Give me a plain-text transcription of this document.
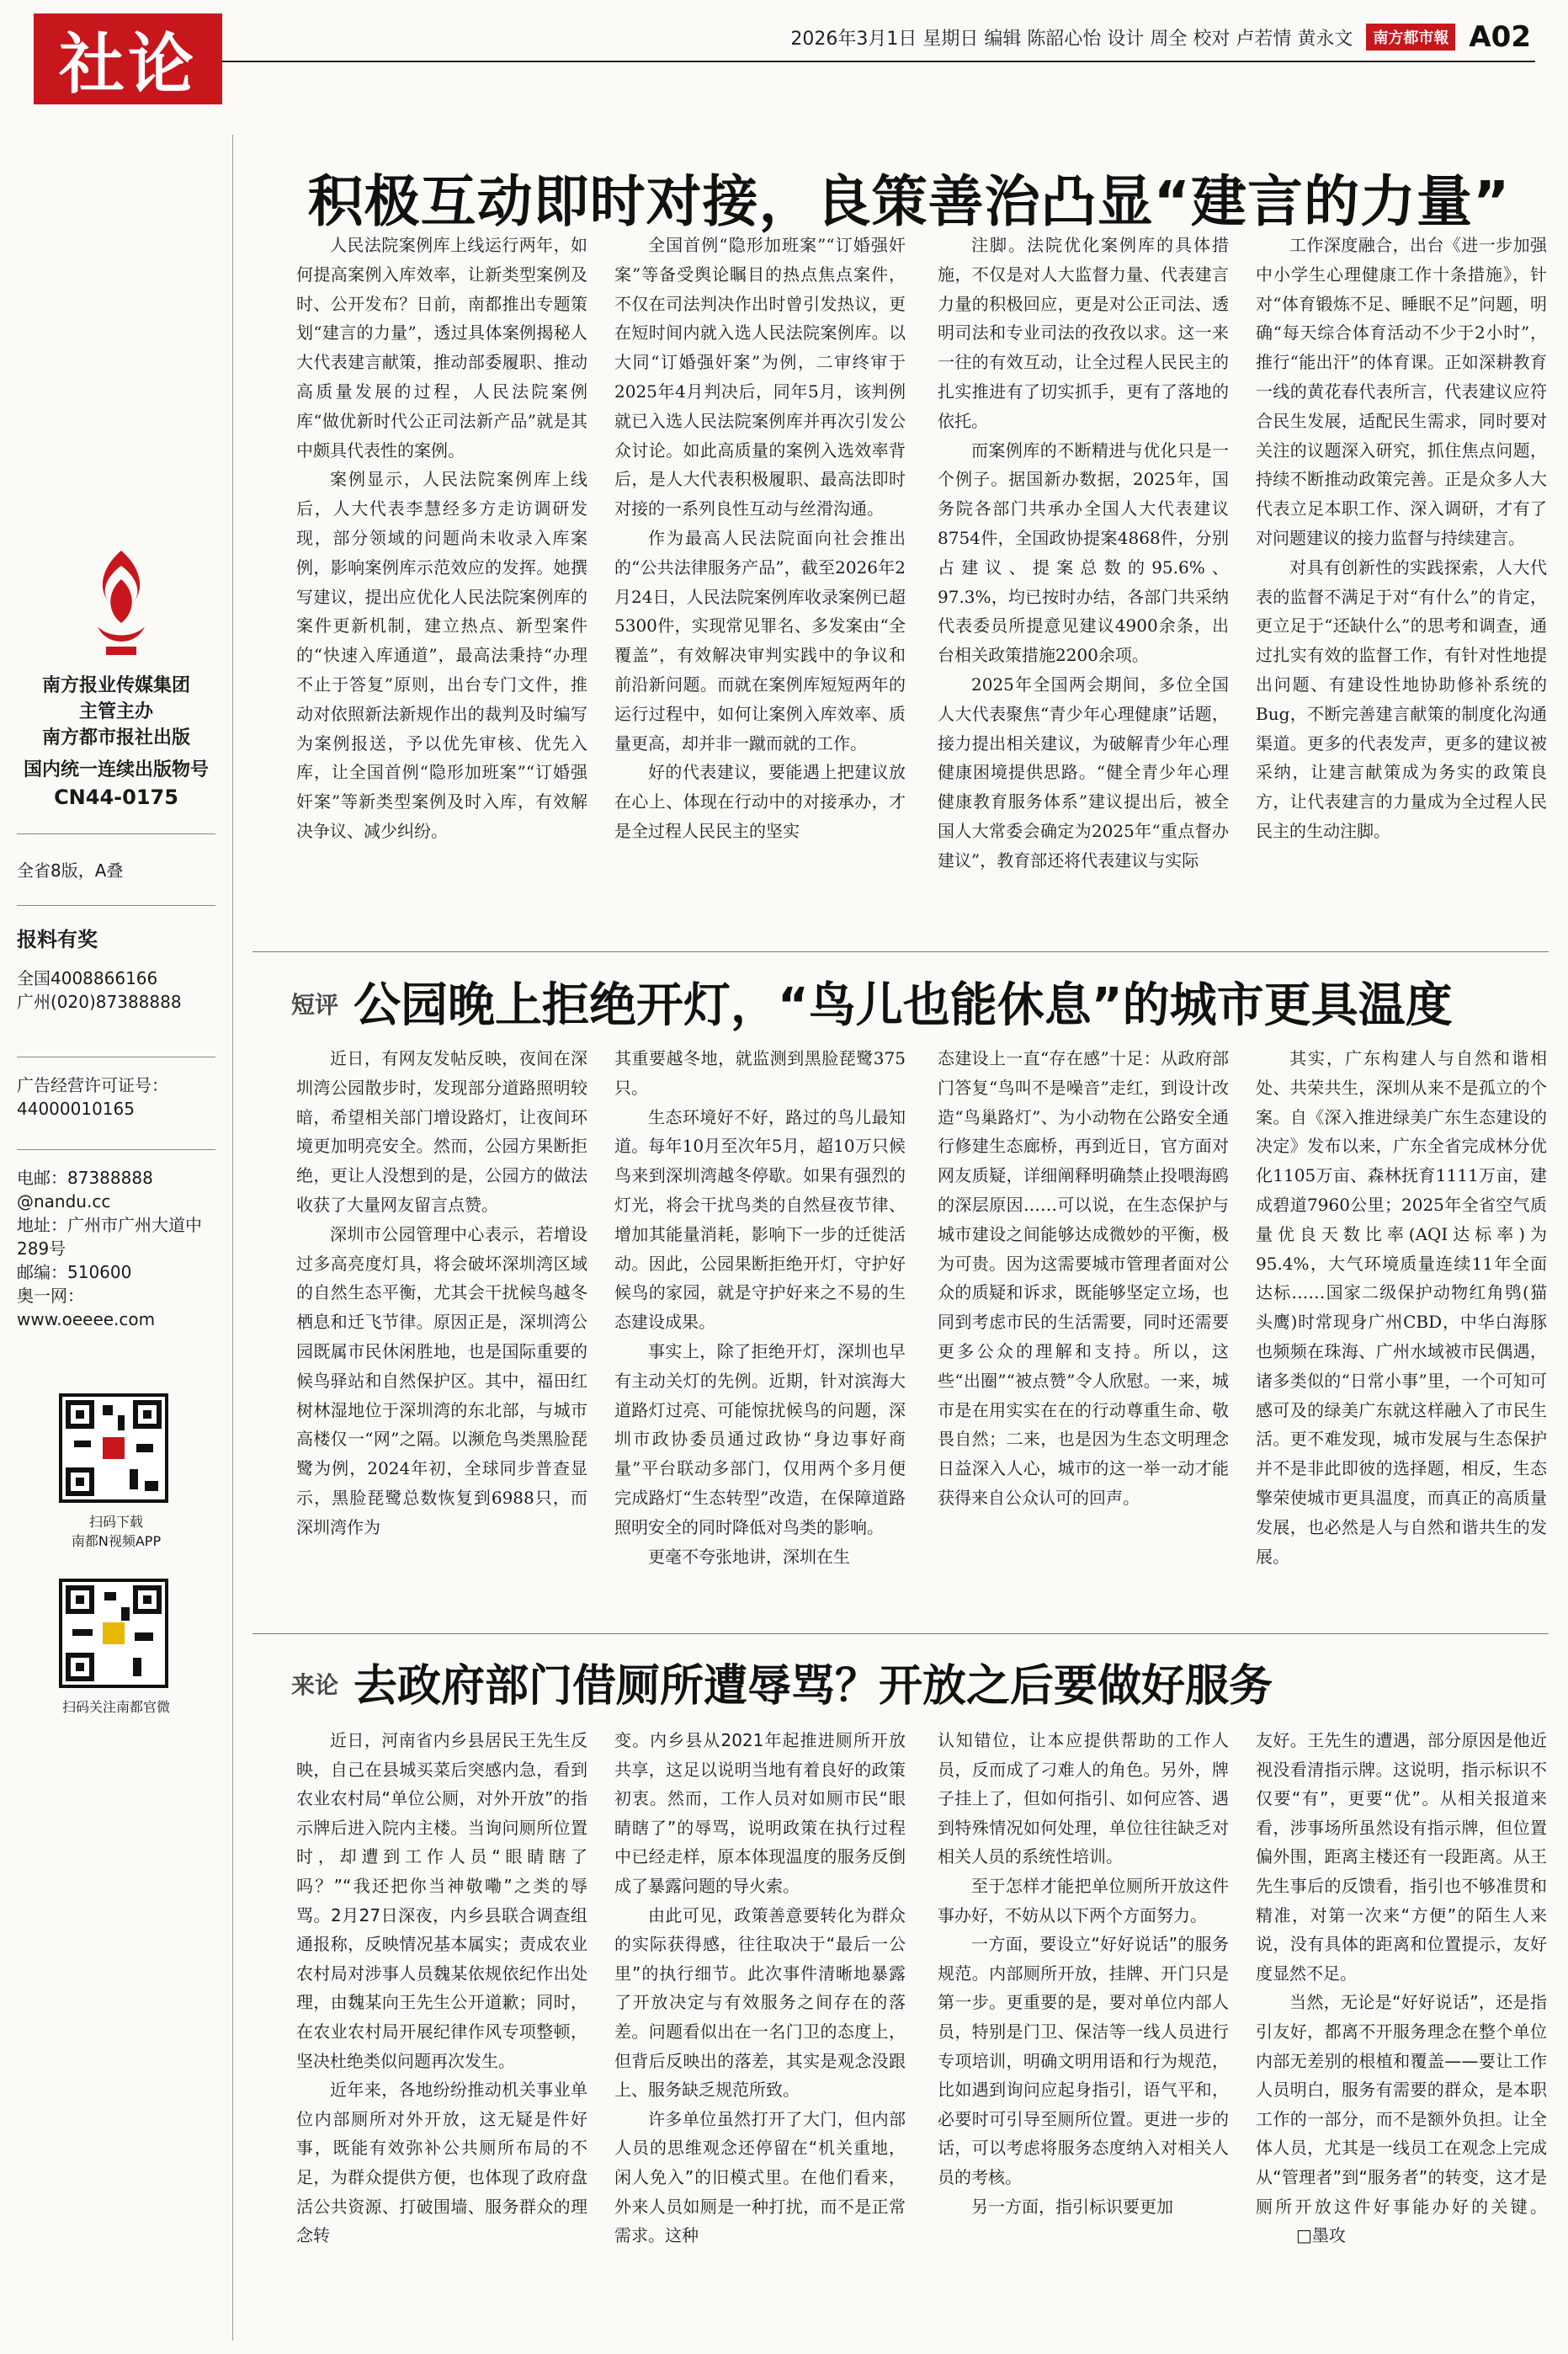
社论	2026年3月1日 星期日 编辑 陈韶心怡 设计 周全 校对 卢若情 黄永文	南方都市報 A02
南方报业传媒集团
主管主办
南方都市报社出版
国内统一连续出版物号
CN44-0175
全省8版，A叠
报料有奖
全国4008866166
广州(020)87388888
广告经营许可证号：
44000010165
电邮：87388888
@nandu.cc
地址：广州市广州大道中
289号
邮编：510600
奥一网：
www.oeeee.com
扫码下载
南都N视频APP
扫码关注南都官微
积极互动即时对接，良策善治凸显“建言的力量”

人民法院案例库上线运行两年，如何提高案例入库效率，让新类型案例及时、公开发布？日前，南都推出专题策划“建言的力量”，透过具体案例揭秘人大代表建言献策，推动部委履职、推动高质量发展的过程，人民法院案例库“做优新时代公正司法新产品”就是其中颇具代表性的案例。

案例显示，人民法院案例库上线后，人大代表李慧经多方走访调研发现，部分领域的问题尚未收录入库案例，影响案例库示范效应的发挥。她撰写建议，提出应优化人民法院案例库的案件更新机制，建立热点、新型案件的“快速入库通道”，最高法秉持“办理不止于答复”原则，出台专门文件，推动对依照新法新规作出的裁判及时编写为案例报送，予以优先审核、优先入库，让全国首例“隐形加班案”“订婚强奸案”等新类型案例及时入库，有效解决争议、减少纠纷。

全国首例“隐形加班案”“订婚强奸案”等备受舆论瞩目的热点焦点案件，不仅在司法判决作出时曾引发热议，更在短时间内就入选人民法院案例库。以大同“订婚强奸案”为例，二审终审于2025年4月判决后，同年5月，该判例就已入选人民法院案例库并再次引发公众讨论。如此高质量的案例入选效率背后，是人大代表积极履职、最高法即时对接的一系列良性互动与丝滑沟通。

作为最高人民法院面向社会推出的“公共法律服务产品”，截至2026年2月24日，人民法院案例库收录案例已超5300件，实现常见罪名、多发案由“全覆盖”，有效解决审判实践中的争议和前沿新问题。而就在案例库短短两年的运行过程中，如何让案例入库效率、质量更高，却并非一蹴而就的工作。

好的代表建议，要能遇上把建议放在心上、体现在行动中的对接承办，才是全过程人民民主的坚实

注脚。法院优化案例库的具体措施，不仅是对人大监督力量、代表建言力量的积极回应，更是对公正司法、透明司法和专业司法的孜孜以求。这一来一往的有效互动，让全过程人民民主的扎实推进有了切实抓手，更有了落地的依托。

而案例库的不断精进与优化只是一个例子。据国新办数据，2025年，国务院各部门共承办全国人大代表建议8754件，全国政协提案4868件，分别占建议、提案总数的95.6%、97.3%，均已按时办结，各部门共采纳代表委员所提意见建议4900余条，出台相关政策措施2200余项。

2025年全国两会期间，多位全国人大代表聚焦“青少年心理健康”话题，接力提出相关建议，为破解青少年心理健康困境提供思路。“健全青少年心理健康教育服务体系”建议提出后，被全国人大常委会确定为2025年“重点督办建议”，教育部还将代表建议与实际

工作深度融合，出台《进一步加强中小学生心理健康工作十条措施》，针对“体育锻炼不足、睡眠不足”问题，明确“每天综合体育活动不少于2小时”，推行“能出汗”的体育课。正如深耕教育一线的黄花春代表所言，代表建议应符合民生发展，适配民生需求，同时要对关注的议题深入研究，抓住焦点问题，持续不断推动政策完善。正是众多人大代表立足本职工作、深入调研，才有了对问题建议的接力监督与持续建言。

对具有创新性的实践探索，人大代表的监督不满足于对“有什么”的肯定，更立足于“还缺什么”的思考和调查，通过扎实有效的监督工作，有针对性地提出问题、有建设性地协助修补系统的Bug，不断完善建言献策的制度化沟通渠道。更多的代表发声，更多的建议被采纳，让建言献策成为务实的政策良方，让代表建言的力量成为全过程人民民主的生动注脚。

短评 公园晚上拒绝开灯，“鸟儿也能休息”的城市更具温度

近日，有网友发帖反映，夜间在深圳湾公园散步时，发现部分道路照明较暗，希望相关部门增设路灯，让夜间环境更加明亮安全。然而，公园方果断拒绝，更让人没想到的是，公园方的做法收获了大量网友留言点赞。

深圳市公园管理中心表示，若增设过多高亮度灯具，将会破坏深圳湾区域的自然生态平衡，尤其会干扰候鸟越冬栖息和迁飞节律。原因正是，深圳湾公园既属市民休闲胜地，也是国际重要的候鸟驿站和自然保护区。其中，福田红树林湿地位于深圳湾的东北部，与城市高楼仅一“网”之隔。以濒危鸟类黑脸琵鹭为例，2024年初，全球同步普查显示，黑脸琵鹭总数恢复到6988只，而深圳湾作为

其重要越冬地，就监测到黑脸琵鹭375只。

生态环境好不好，路过的鸟儿最知道。每年10月至次年5月，超10万只候鸟来到深圳湾越冬停歇。如果有强烈的灯光，将会干扰鸟类的自然昼夜节律、增加其能量消耗，影响下一步的迁徙活动。因此，公园果断拒绝开灯，守护好候鸟的家园，就是守护好来之不易的生态建设成果。

事实上，除了拒绝开灯，深圳也早有主动关灯的先例。近期，针对滨海大道路灯过亮、可能惊扰候鸟的问题，深圳市政协委员通过政协“身边事好商量”平台联动多部门，仅用两个多月便完成路灯“生态转型”改造，在保障道路照明安全的同时降低对鸟类的影响。

更毫不夸张地讲，深圳在生

态建设上一直“存在感”十足：从政府部门答复“鸟叫不是噪音”走红，到设计改造“鸟巢路灯”、为小动物在公路安全通行修建生态廊桥，再到近日，官方面对网友质疑，详细阐释明确禁止投喂海鸥的深层原因……可以说，在生态保护与城市建设之间能够达成微妙的平衡，极为可贵。因为这需要城市管理者面对公众的质疑和诉求，既能够坚定立场，也同到考虑市民的生活需要，同时还需要更多公众的理解和支持。所以，这些“出圈”“被点赞”令人欣慰。一来，城市是在用实实在在的行动尊重生命、敬畏自然；二来，也是因为生态文明理念日益深入人心，城市的这一举一动才能获得来自公众认可的回声。

其实，广东构建人与自然和谐相处、共荣共生，深圳从来不是孤立的个案。自《深入推进绿美广东生态建设的决定》发布以来，广东全省完成林分优化1105万亩、森林抚育1111万亩，建成碧道7960公里；2025年全省空气质量优良天数比率(AQI达标率)为95.4%，大气环境质量连续11年全面达标……国家二级保护动物红角鸮(猫头鹰)时常现身广州CBD，中华白海豚也频频在珠海、广州水域被市民偶遇，诸多类似的“日常小事”里，一个可知可感可及的绿美广东就这样融入了市民生活。更不难发现，城市发展与生态保护并不是非此即彼的选择题，相反，生态擎荣使城市更具温度，而真正的高质量发展，也必然是人与自然和谐共生的发展。

来论 去政府部门借厕所遭辱骂？开放之后要做好服务

近日，河南省内乡县居民王先生反映，自己在县城买菜后突感内急，看到农业农村局“单位公厕，对外开放”的指示牌后进入院内主楼。当询问厕所位置时，却遭到工作人员“眼睛瞎了吗？”“我还把你当神敬嘞”之类的辱骂。2月27日深夜，内乡县联合调查组通报称，反映情况基本属实；责成农业农村局对涉事人员魏某依规依纪作出处理，由魏某向王先生公开道歉；同时，在农业农村局开展纪律作风专项整顿，坚决杜绝类似问题再次发生。

近年来，各地纷纷推动机关事业单位内部厕所对外开放，这无疑是件好事，既能有效弥补公共厕所布局的不足，为群众提供方便，也体现了政府盘活公共资源、打破围墙、服务群众的理念转

变。内乡县从2021年起推进厕所开放共享，这足以说明当地有着良好的政策初衷。然而，工作人员对如厕市民“眼睛瞎了”的辱骂，说明政策在执行过程中已经走样，原本体现温度的服务反倒成了暴露问题的导火索。

由此可见，政策善意要转化为群众的实际获得感，往往取决于“最后一公里”的执行细节。此次事件清晰地暴露了开放决定与有效服务之间存在的落差。问题看似出在一名门卫的态度上，但背后反映出的落差，其实是观念没跟上、服务缺乏规范所致。

许多单位虽然打开了大门，但内部人员的思维观念还停留在“机关重地，闲人免入”的旧模式里。在他们看来，外来人员如厕是一种打扰，而不是正常需求。这种

认知错位，让本应提供帮助的工作人员，反而成了刁难人的角色。另外，牌子挂上了，但如何指引、如何应答、遇到特殊情况如何处理，单位往往缺乏对相关人员的系统性培训。

至于怎样才能把单位厕所开放这件事办好，不妨从以下两个方面努力。

一方面，要设立“好好说话”的服务规范。内部厕所开放，挂牌、开门只是第一步。更重要的是，要对单位内部人员，特别是门卫、保洁等一线人员进行专项培训，明确文明用语和行为规范，比如遇到询问应起身指引，语气平和，必要时可引导至厕所位置。更进一步的话，可以考虑将服务态度纳入对相关人员的考核。

另一方面，指引标识要更加

友好。王先生的遭遇，部分原因是他近视没看清指示牌。这说明，指示标识不仅要“有”，更要“优”。从相关报道来看，涉事场所虽然设有指示牌，但位置偏外围，距离主楼还有一段距离。从王先生事后的反馈看，指引也不够准贯和精准，对第一次来“方便”的陌生人来说，没有具体的距离和位置提示，友好度显然不足。

当然，无论是“好好说话”，还是指引友好，都离不开服务理念在整个单位内部无差别的根植和覆盖——要让工作人员明白，服务有需要的群众，是本职工作的一部分，而不是额外负担。让全体人员，尤其是一线员工在观念上完成从“管理者”到“服务者”的转变，这才是厕所开放这件好事能办好的关键。□墨攻
